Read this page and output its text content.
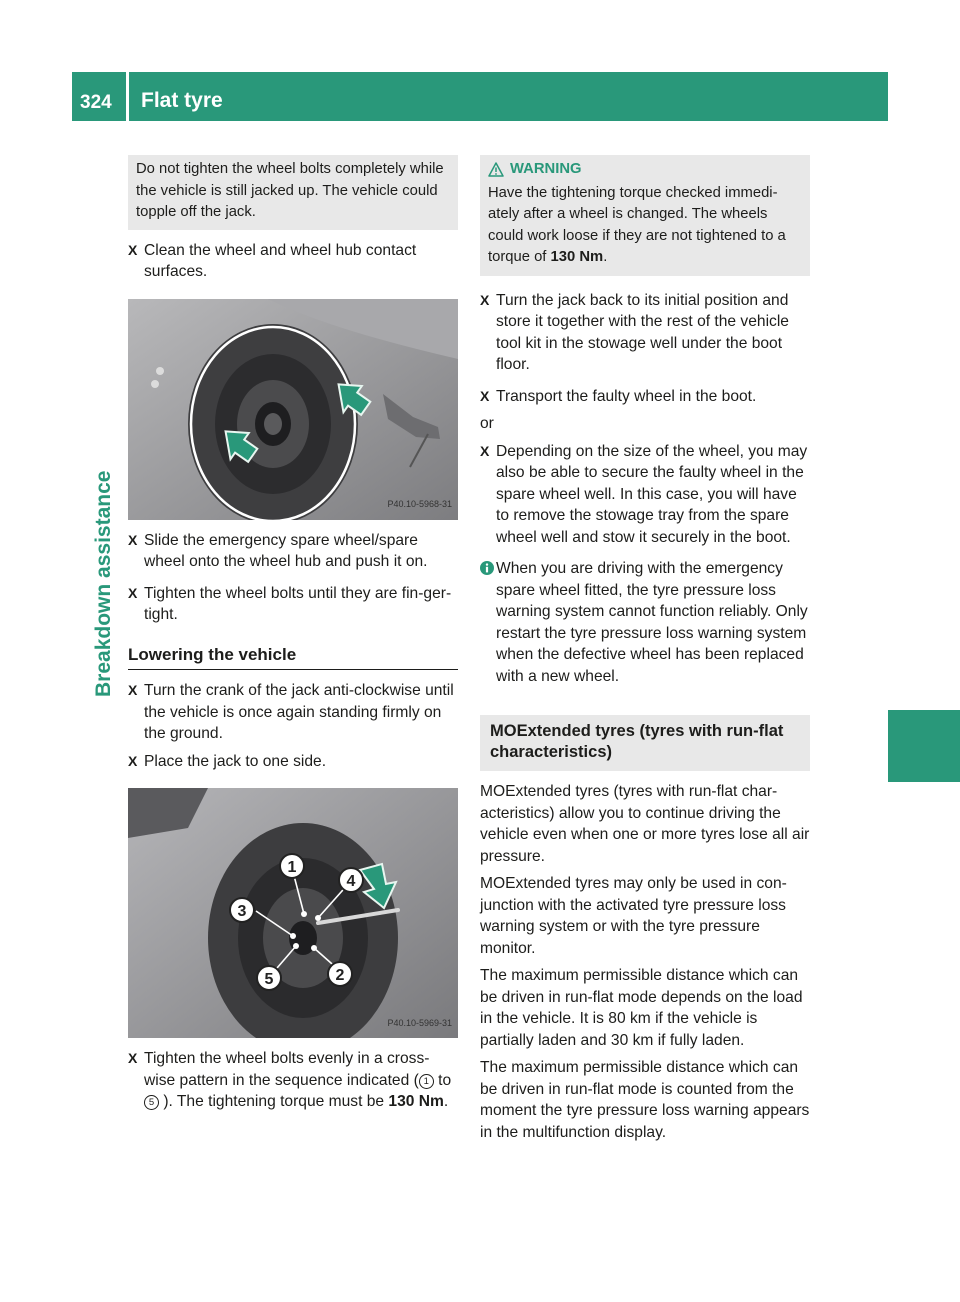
324 Flat tyre
Breakdown assistance
Do not tighten the wheel bolts completely while the vehicle is still jacked up. The vehicle could topple off the jack.
X Clean the wheel and wheel hub contact surfaces.
P40.10-5968-31
X Slide the emergency spare wheel/spare wheel onto the wheel hub and push it on.
X Tighten the wheel bolts until they are fin-ger-tight.
Lowering the vehicle
X Turn the crank of the jack anti-clockwise until the vehicle is once again standing firmly on the ground.
X Place the jack to one side.
1
2
3
4
5
P40.10-5969-31
X Tighten the wheel bolts evenly in a cross-wise pattern in the sequence indicated ( 1 to 5 ). The tightening torque must be 130 Nm.
WARNING
Have the tightening torque checked immedi-ately after a wheel is changed. The wheels could work loose if they are not tightened to a torque of 130 Nm.
X Turn the jack back to its initial position and store it together with the rest of the vehicle tool kit in the stowage well under the boot floor.
X Transport the faulty wheel in the boot.
or
X Depending on the size of the wheel, you may also be able to secure the faulty wheel in the spare wheel well. In this case, you will have to remove the stowage tray from the spare wheel well and stow it securely in the boot.
When you are driving with the emergency spare wheel fitted, the tyre pressure loss warning system cannot function reliably. Only restart the tyre pressure loss warning system when the defective wheel has been replaced with a new wheel.
MOExtended tyres (tyres with run-flat characteristics)
MOExtended tyres (tyres with run-flat char-acteristics) allow you to continue driving the vehicle even when one or more tyres lose all air pressure.
MOExtended tyres may only be used in con-junction with the activated tyre pressure loss warning system or with the tyre pressure monitor.
The maximum permissible distance which can be driven in run-flat mode depends on the load in the vehicle. It is 80 km if the vehicle is partially laden and 30 km if fully laden.
The maximum permissible distance which can be driven in run-flat mode is counted from the moment the tyre pressure loss warning appears in the multifunction display.
